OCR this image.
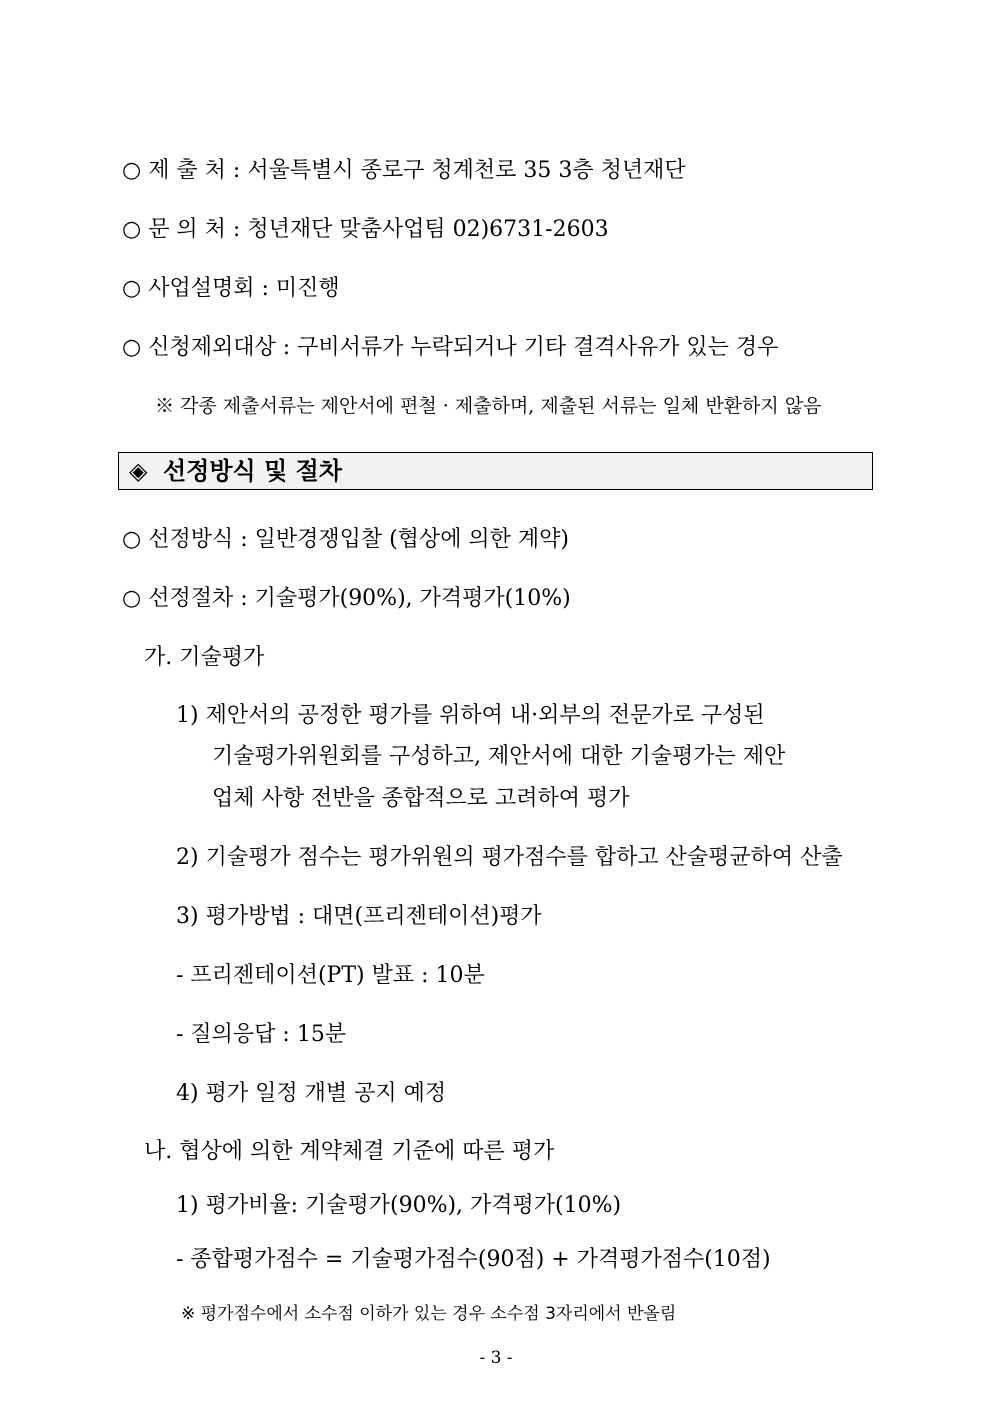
○ 제 출 처 : 서울특별시 종로구 청계천로 35 3층 청년재단
○ 문 의 처 : 청년재단 맞춤사업팀 02)6731-2603
○ 사업설명회 : 미진행
○ 신청제외대상 : 구비서류가 누락되거나 기타 결격사유가 있는 경우
※ 각종 제출서류는 제안서에 편철 · 제출하며, 제출된 서류는 일체 반환하지 않음
◈ 선정방식 및 절차
○ 선정방식 : 일반경쟁입찰 (협상에 의한 계약)
○ 선정절차 : 기술평가(90%), 가격평가(10%)
가. 기술평가
1) 제안서의 공정한 평가를 위하여 내·외부의 전문가로 구성된
기술평가위원회를 구성하고, 제안서에 대한 기술평가는 제안
업체 사항 전반을 종합적으로 고려하여 평가
2) 기술평가 점수는 평가위원의 평가점수를 합하고 산술평균하여 산출
3) 평가방법 : 대면(프리젠테이션)평가
- 프리젠테이션(PT) 발표 : 10분
- 질의응답 : 15분
4) 평가 일정 개별 공지 예정
나. 협상에 의한 계약체결 기준에 따른 평가
1) 평가비율: 기술평가(90%), 가격평가(10%)
- 종합평가점수 = 기술평가점수(90점) + 가격평가점수(10점)
※ 평가점수에서 소수점 이하가 있는 경우 소수점 3자리에서 반올림
- 3 -
